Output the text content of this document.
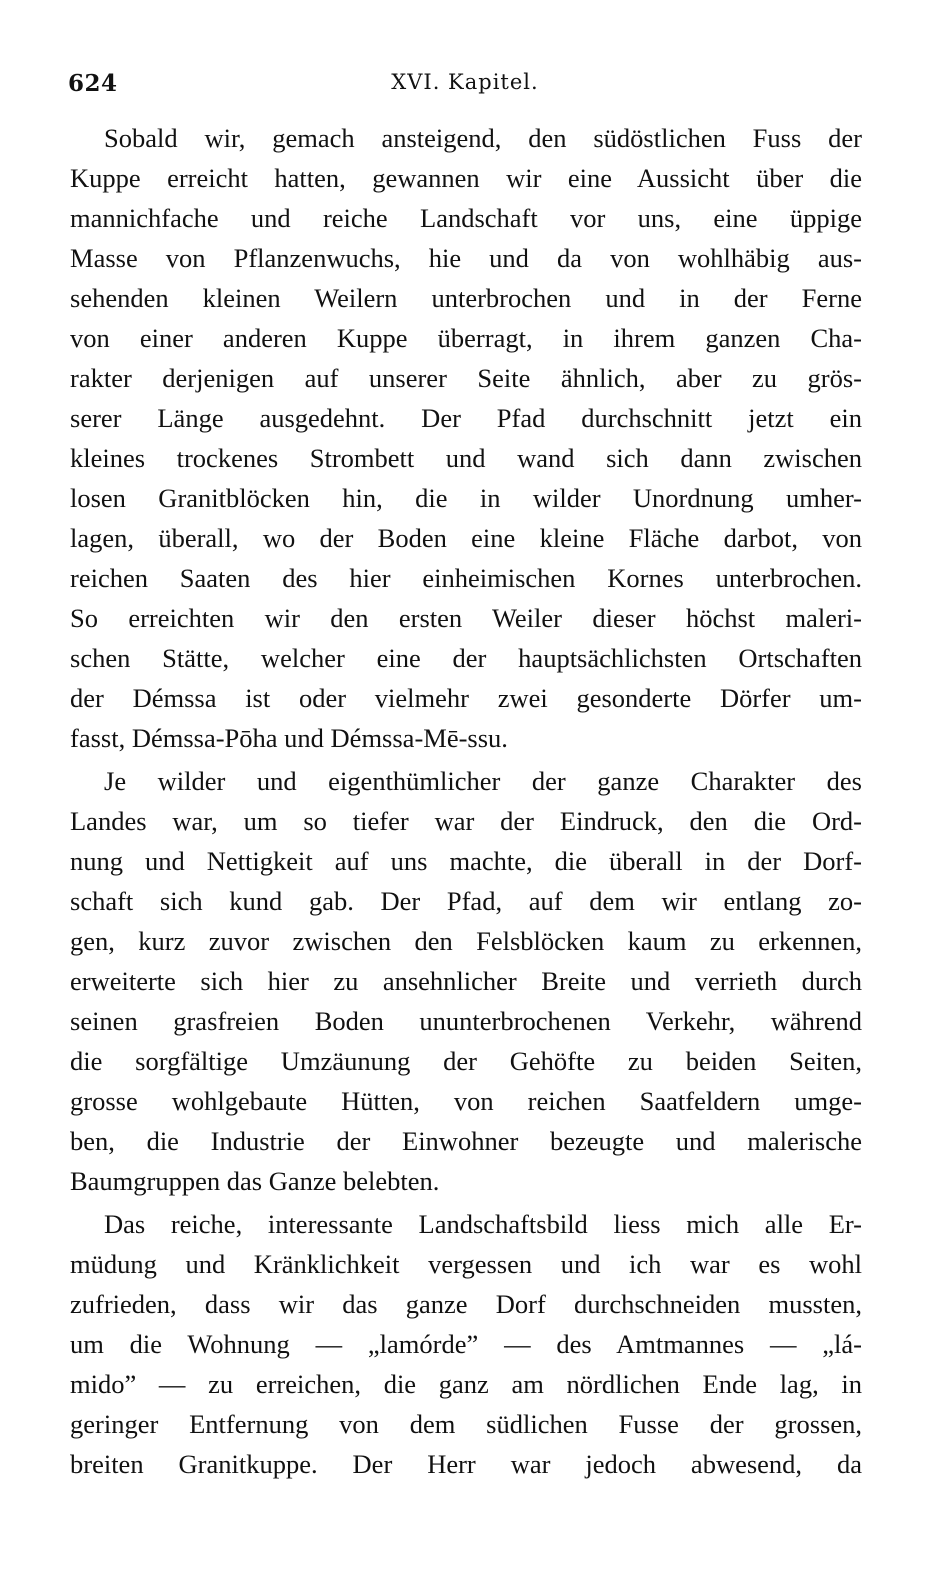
624	XVI. Kapitel.
Sobald wir, gemach ansteigend, den südöstlichen Fuss der
Kuppe erreicht hatten, gewannen wir eine Aussicht über die
mannichfache und reiche Landschaft vor uns, eine üppige
Masse von Pflanzenwuchs, hie und da von wohlhäbig aus-
sehenden kleinen Weilern unterbrochen und in der Ferne
von einer anderen Kuppe überragt, in ihrem ganzen Cha-
rakter derjenigen auf unserer Seite ähnlich, aber zu grös-
serer Länge ausgedehnt. Der Pfad durchschnitt jetzt ein
kleines trockenes Strombett und wand sich dann zwischen
losen Granitblöcken hin, die in wilder Unordnung umher-
lagen, überall, wo der Boden eine kleine Fläche darbot, von
reichen Saaten des hier einheimischen Kornes unterbrochen.
So erreichten wir den ersten Weiler dieser höchst maleri-
schen Stätte, welcher eine der hauptsächlichsten Ortschaften
der Démssa ist oder vielmehr zwei gesonderte Dörfer um-
fasst, Démssa-Pōha und Démssa-Mē-ssu.
Je wilder und eigenthümlicher der ganze Charakter des
Landes war, um so tiefer war der Eindruck, den die Ord-
nung und Nettigkeit auf uns machte, die überall in der Dorf-
schaft sich kund gab. Der Pfad, auf dem wir entlang zo-
gen, kurz zuvor zwischen den Felsblöcken kaum zu erkennen,
erweiterte sich hier zu ansehnlicher Breite und verrieth durch
seinen grasfreien Boden ununterbrochenen Verkehr, während
die sorgfältige Umzäunung der Gehöfte zu beiden Seiten,
grosse wohlgebaute Hütten, von reichen Saatfeldern umge-
ben, die Industrie der Einwohner bezeugte und malerische
Baumgruppen das Ganze belebten.
Das reiche, interessante Landschaftsbild liess mich alle Er-
müdung und Kränklichkeit vergessen und ich war es wohl
zufrieden, dass wir das ganze Dorf durchschneiden mussten,
um die Wohnung — „lamórde” — des Amtmannes — „lá-
mido” — zu erreichen, die ganz am nördlichen Ende lag, in
geringer Entfernung von dem südlichen Fusse der grossen,
breiten Granitkuppe. Der Herr war jedoch abwesend, da
